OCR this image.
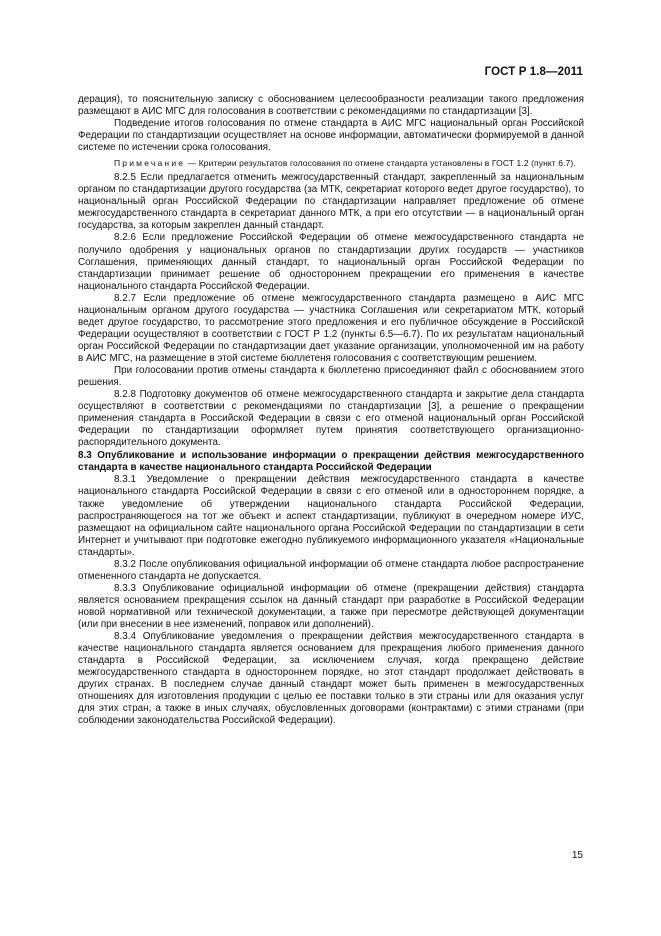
ГОСТ Р 1.8—2011

дерация), то пояснительную записку с обоснованием целесообразности реализации такого предложения размещают в АИС МГС для голосования в соответствии с рекомендациями по стандартизации [3].

Подведение итогов голосования по отмене стандарта в АИС МГС национальный орган Российской Федерации по стандартизации осуществляет на основе информации, автоматически формируемой в данной системе по истечении срока голосования.

Примечание — Критерии результатов голосования по отмене стандарта установлены в ГОСТ 1.2 (пункт 6.7).

8.2.5 Если предлагается отменить межгосударственный стандарт, закрепленный за национальным органом по стандартизации другого государства (за МТК, секретариат которого ведет другое государство), то национальный орган Российской Федерации по стандартизации направляет предложение об отмене межгосударственного стандарта в секретариат данного МТК, а при его отсутствии — в национальный орган государства, за которым закреплен данный стандарт.

8.2.6 Если предложение Российской Федерации об отмене межгосударственного стандарта не получило одобрения у национальных органов по стандартизации других государств — участников Соглашения, применяющих данный стандарт, то национальный орган Российской Федерации по стандартизации принимает решение об одностороннем прекращении его применения в качестве национального стандарта Российской Федерации.

8.2.7 Если предложение об отмене межгосударственного стандарта размещено в АИС МГС национальным органом другого государства — участника Соглашения или секретариатом МТК, который ведет другое государство, то рассмотрение этого предложения и его публичное обсуждение в Российской Федерации осуществляют в соответствии с ГОСТ Р 1.2 (пункты 6.5—6.7). По их результатам национальный орган Российской Федерации по стандартизации дает указание организации, уполномоченной им на работу в АИС МГС, на размещение в этой системе бюллетеня голосования с соответствующим решением.

При голосовании против отмены стандарта к бюллетеню присоединяют файл с обоснованием этого решения.

8.2.8 Подготовку документов об отмене межгосударственного стандарта и закрытие дела стандарта осуществляют в соответствии с рекомендациями по стандартизации [3], а решение о прекращении применения стандарта в Российской Федерации в связи с его отменой национальный орган Российской Федерации по стандартизации оформляет путем принятия соответствующего организационно-распорядительного документа.

8.3 Опубликование и использование информации о прекращении действия межгосударственного стандарта в качестве национального стандарта Российской Федерации

8.3.1 Уведомление о прекращении действия межгосударственного стандарта в качестве национального стандарта Российской Федерации в связи с его отменой или в одностороннем порядке, а также уведомление об утверждении национального стандарта Российской Федерации, распространяющегося на тот же объект и аспект стандартизации, публикуют в очередном номере ИУС, размещают на официальном сайте национального органа Российской Федерации по стандартизации в сети Интернет и учитывают при подготовке ежегодно публикуемого информационного указателя «Национальные стандарты».

8.3.2 После опубликования официальной информации об отмене стандарта любое распространение отмененного стандарта не допускается.

8.3.3 Опубликование официальной информации об отмене (прекращении действия) стандарта является основанием прекращения ссылок на данный стандарт при разработке в Российской Федерации новой нормативной или технической документации, а также при пересмотре действующей документации (или при внесении в нее изменений, поправок или дополнений).

8.3.4 Опубликование уведомления о прекращении действия межгосударственного стандарта в качестве национального стандарта является основанием для прекращения любого применения данного стандарта в Российской Федерации, за исключением случая, когда прекращено действие межгосударственного стандарта в одностороннем порядке, но этот стандарт продолжает действовать в других странах. В последнем случае данный стандарт может быть применен в межгосударственных отношениях для изготовления продукции с целью ее поставки только в эти страны или для оказания услуг для этих стран, а также в иных случаях, обусловленных договорами (контрактами) с этими странами (при соблюдении законодательства Российской Федерации).

15
